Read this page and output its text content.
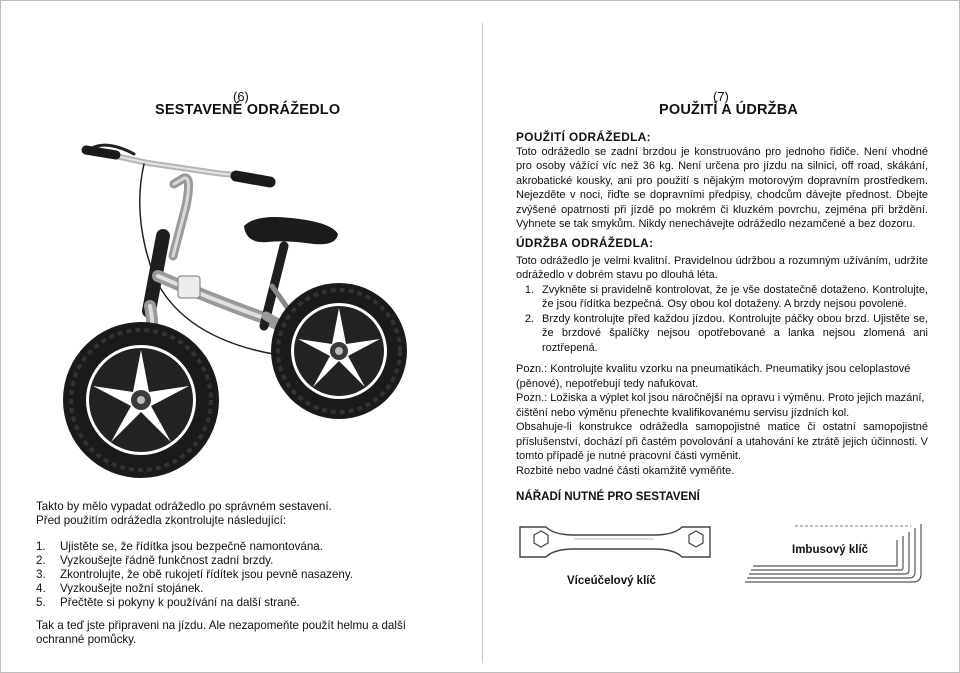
(6)
SESTAVENÉ ODRÁŽEDLO
Takto by mělo vypadat odrážedlo po správném sestavení.
Před použitím odrážedla zkontrolujte následující:
1.	Ujistěte se, že řídítka jsou bezpečně namontována.
2.	Vyzkoušejte řádně funkčnost zadní brzdy.
3.	Zkontrolujte, že obě rukojetí řídítek jsou pevně nasazeny.
4.	Vyzkoušejte nožní stojánek.
5.	Přečtěte si pokyny k používání na další straně.
Tak a teď jste připraveni na jízdu. Ale nezapomeňte použít helmu a další
ochranné pomůcky.
(7)
POUŽITÍ A ÚDRŽBA
POUŽITÍ ODRÁŽEDLA:
Toto odrážedlo se zadní brzdou je konstruováno pro jednoho řidiče. Není vhodné pro osoby vážící víc než 36 kg. Není určena pro jízdu na silnici, off road, skákání, akrobatické kousky, ani pro použití s nějakým motorovým dopravním prostředkem. Nejezděte v noci, řiďte se dopravními předpisy, chodcům dávejte přednost. Dbejte zvýšené opatrnosti při jízdě po mokrém či kluzkém povrchu, zejména při brždění. Vyhnete se tak smykům. Nikdy nenechávejte odrážedlo nezamčené a bez dozoru.
ÚDRŽBA ODRÁŽEDLA:
Toto odrážedlo je velmi kvalitní. Pravidelnou údržbou a rozumným užíváním, udržíte odrážedlo v dobrém stavu po dlouhá léta.
1. Zvykněte si pravidelně kontrolovat, že je vše dostatečně dotaženo. Kontrolujte, že jsou řídítka bezpečná. Osy obou kol dotaženy. A brzdy nejsou povolené.
2. Brzdy kontrolujte před každou jízdou. Kontrolujte páčky obou brzd. Ujistěte se, že brzdové špalíčky nejsou opotřebované a lanka nejsou zlomená ani roztřepená.
Pozn.: Kontrolujte kvalitu vzorku na pneumatikách. Pneumatiky jsou celoplastové (pěnové), nepotřebují tedy nafukovat.
Pozn.: Ložiska a výplet kol jsou náročnější na opravu i výměnu. Proto jejich mazání, čištění nebo výměnu přenechte kvalifikovanému servisu jízdních kol.
Obsahuje-li konstrukce odrážedla samopojistné matice či ostatní samopojistné příslušenství, dochází při častém povolování a utahování ke ztrátě jejich účinnosti. V tomto případě je nutné pracovní části vyměnit.
Rozbité nebo vadné části okamžitě vyměňte.
NÁŘADÍ NUTNÉ PRO SESTAVENÍ
Víceúčelový klíč
Imbusový klíč
